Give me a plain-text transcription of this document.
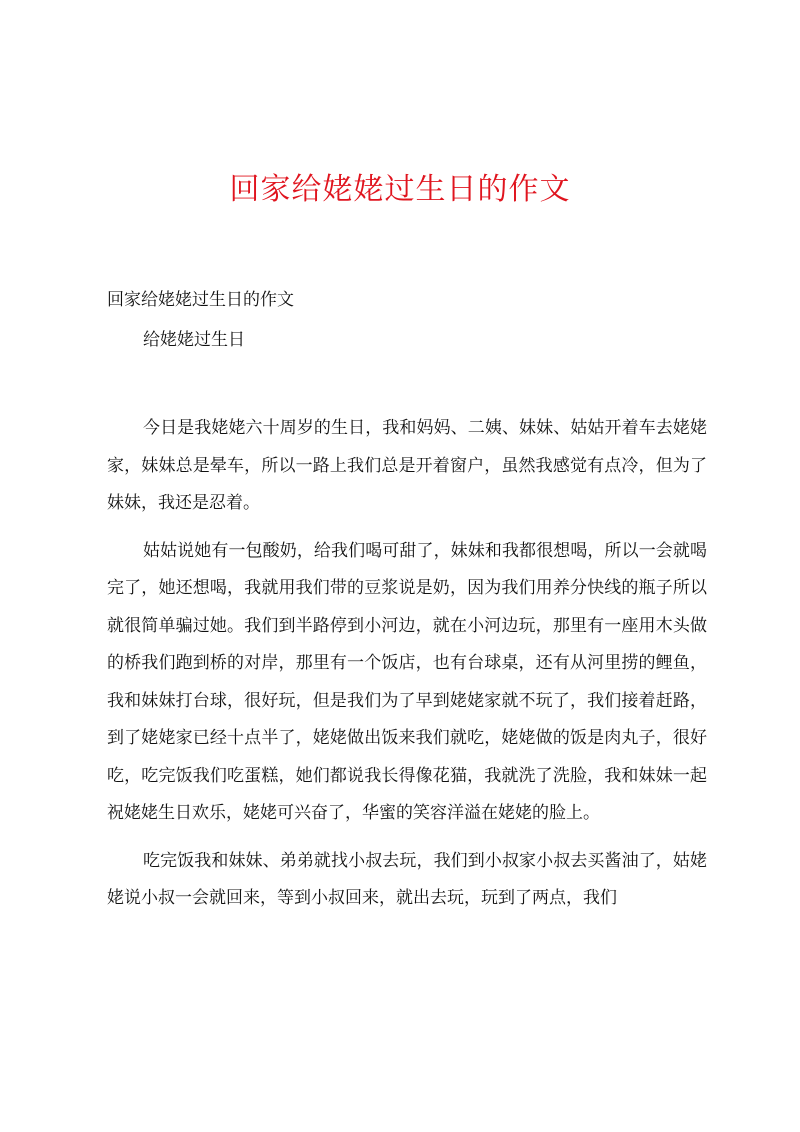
回家给姥姥过生日的作文
回家给姥姥过生日的作文
给姥姥过生日

今日是我姥姥六十周岁的生日，我和妈妈、二姨、妹妹、姑姑开着车去姥姥家，妹妹总是晕车，所以一路上我们总是开着窗户，虽然我感觉有点冷，但为了妹妹，我还是忍着。

姑姑说她有一包酸奶，给我们喝可甜了，妹妹和我都很想喝，所以一会就喝完了，她还想喝，我就用我们带的豆浆说是奶，因为我们用养分快线的瓶子所以就很简单骗过她。我们到半路停到小河边，就在小河边玩，那里有一座用木头做的桥我们跑到桥的对岸，那里有一个饭店，也有台球桌，还有从河里捞的鲤鱼，我和妹妹打台球，很好玩，但是我们为了早到姥姥家就不玩了，我们接着赶路，到了姥姥家已经十点半了，姥姥做出饭来我们就吃，姥姥做的饭是肉丸子，很好吃，吃完饭我们吃蛋糕，她们都说我长得像花猫，我就洗了洗脸，我和妹妹一起祝姥姥生日欢乐，姥姥可兴奋了，华蜜的笑容洋溢在姥姥的脸上。

吃完饭我和妹妹、弟弟就找小叔去玩，我们到小叔家小叔去买酱油了，姑姥姥说小叔一会就回来，等到小叔回来，就出去玩，玩到了两点，我们
